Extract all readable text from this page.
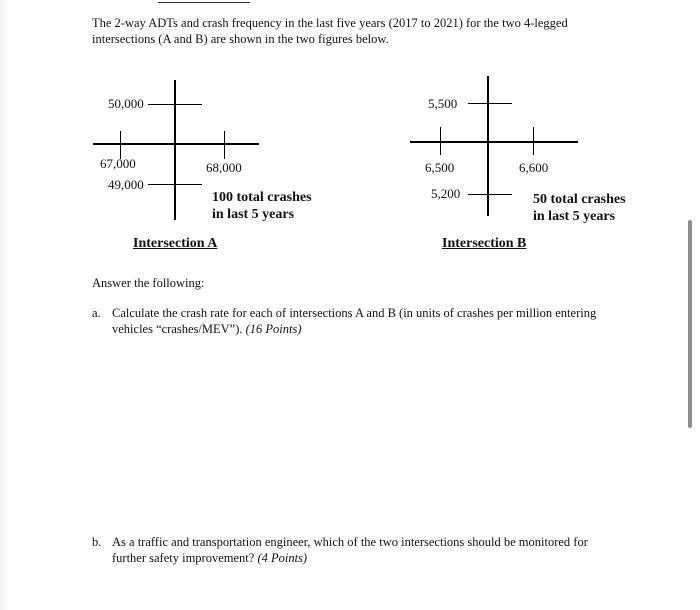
The 2-way ADTs and crash frequency in the last five years (2017 to 2021) for the two 4-legged intersections (A and B) are shown in the two figures below.
50,000
67,000	68,000
49,000
100 total crashes
in last 5 years
Intersection A
5,500
6,500	6,600
5,200	50 total crashes
in last 5 years
Intersection B
Answer the following:
a. Calculate the crash rate for each of intersections A and B (in units of crashes per million entering vehicles “crashes/MEV”). (16 Points)
b. As a traffic and transportation engineer, which of the two intersections should be monitored for further safety improvement? (4 Points)
